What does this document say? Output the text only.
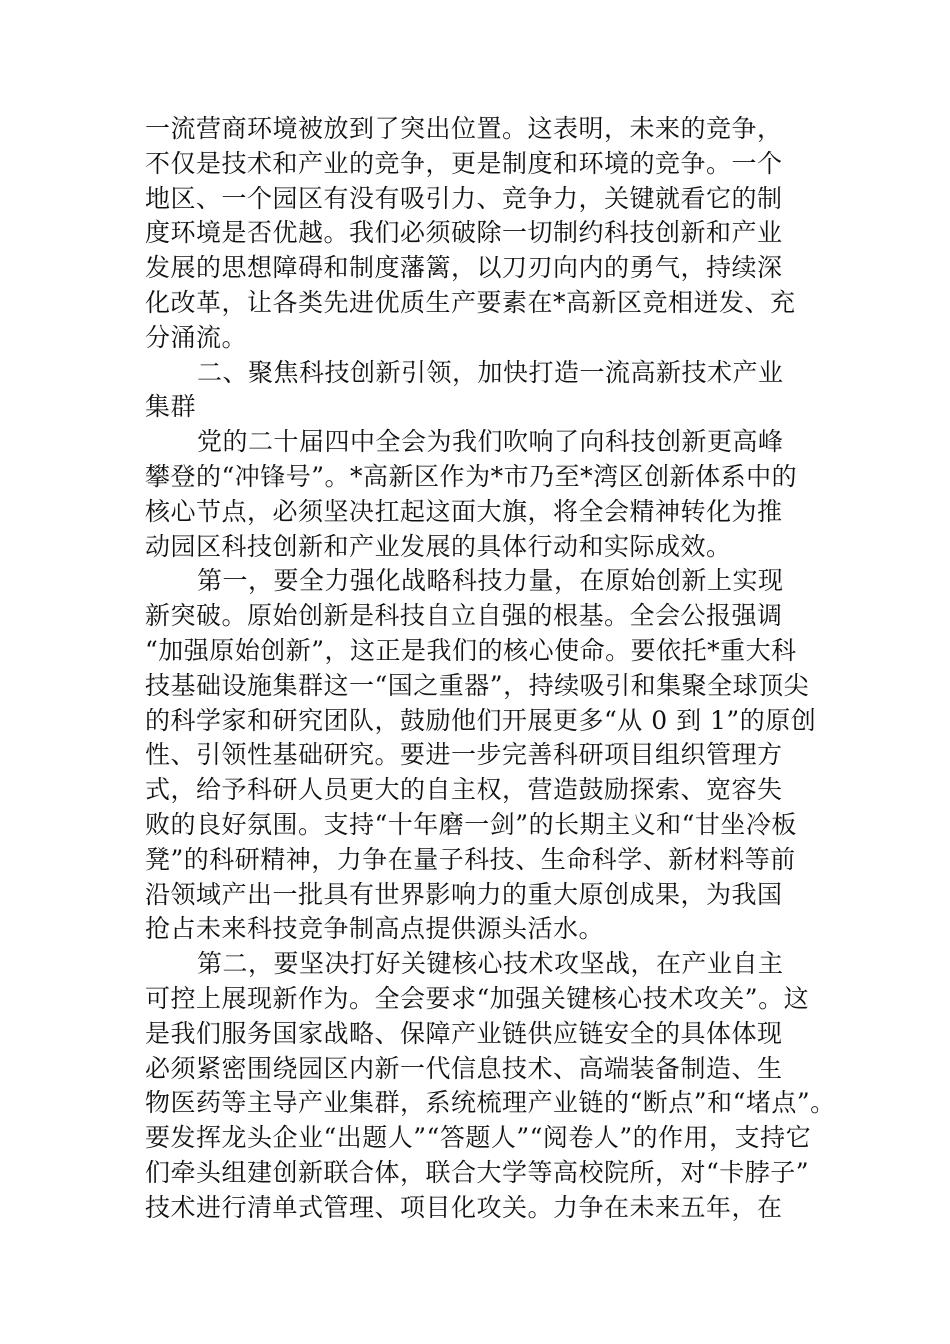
一流营商环境被放到了突出位置。这表明，未来的竞争，
不仅是技术和产业的竞争，更是制度和环境的竞争。一个
地区、一个园区有没有吸引力、竞争力，关键就看它的制
度环境是否优越。我们必须破除一切制约科技创新和产业
发展的思想障碍和制度藩篱，以刀刃向内的勇气，持续深
化改革，让各类先进优质生产要素在*高新区竞相迸发、充
分涌流。
二、聚焦科技创新引领，加快打造一流高新技术产业
集群
党的二十届四中全会为我们吹响了向科技创新更高峰
攀登的“冲锋号”。*高新区作为*市乃至*湾区创新体系中的
核心节点，必须坚决扛起这面大旗，将全会精神转化为推
动园区科技创新和产业发展的具体行动和实际成效。
第一，要全力强化战略科技力量，在原始创新上实现
新突破。原始创新是科技自立自强的根基。全会公报强调
“加强原始创新”，这正是我们的核心使命。要依托*重大科
技基础设施集群这一“国之重器”，持续吸引和集聚全球顶尖
的科学家和研究团队，鼓励他们开展更多“从 0 到 1”的原创
性、引领性基础研究。要进一步完善科研项目组织管理方
式，给予科研人员更大的自主权，营造鼓励探索、宽容失
败的良好氛围。支持“十年磨一剑”的长期主义和“甘坐冷板
凳”的科研精神，力争在量子科技、生命科学、新材料等前
沿领域产出一批具有世界影响力的重大原创成果，为我国
抢占未来科技竞争制高点提供源头活水。
第二，要坚决打好关键核心技术攻坚战，在产业自主
可控上展现新作为。全会要求“加强关键核心技术攻关”。这
是我们服务国家战略、保障产业链供应链安全的具体体现
必须紧密围绕园区内新一代信息技术、高端装备制造、生
物医药等主导产业集群，系统梳理产业链的“断点”和“堵点”。
要发挥龙头企业“出题人”“答题人”“阅卷人”的作用，支持它
们牵头组建创新联合体，联合大学等高校院所，对“卡脖子”
技术进行清单式管理、项目化攻关。力争在未来五年，在
